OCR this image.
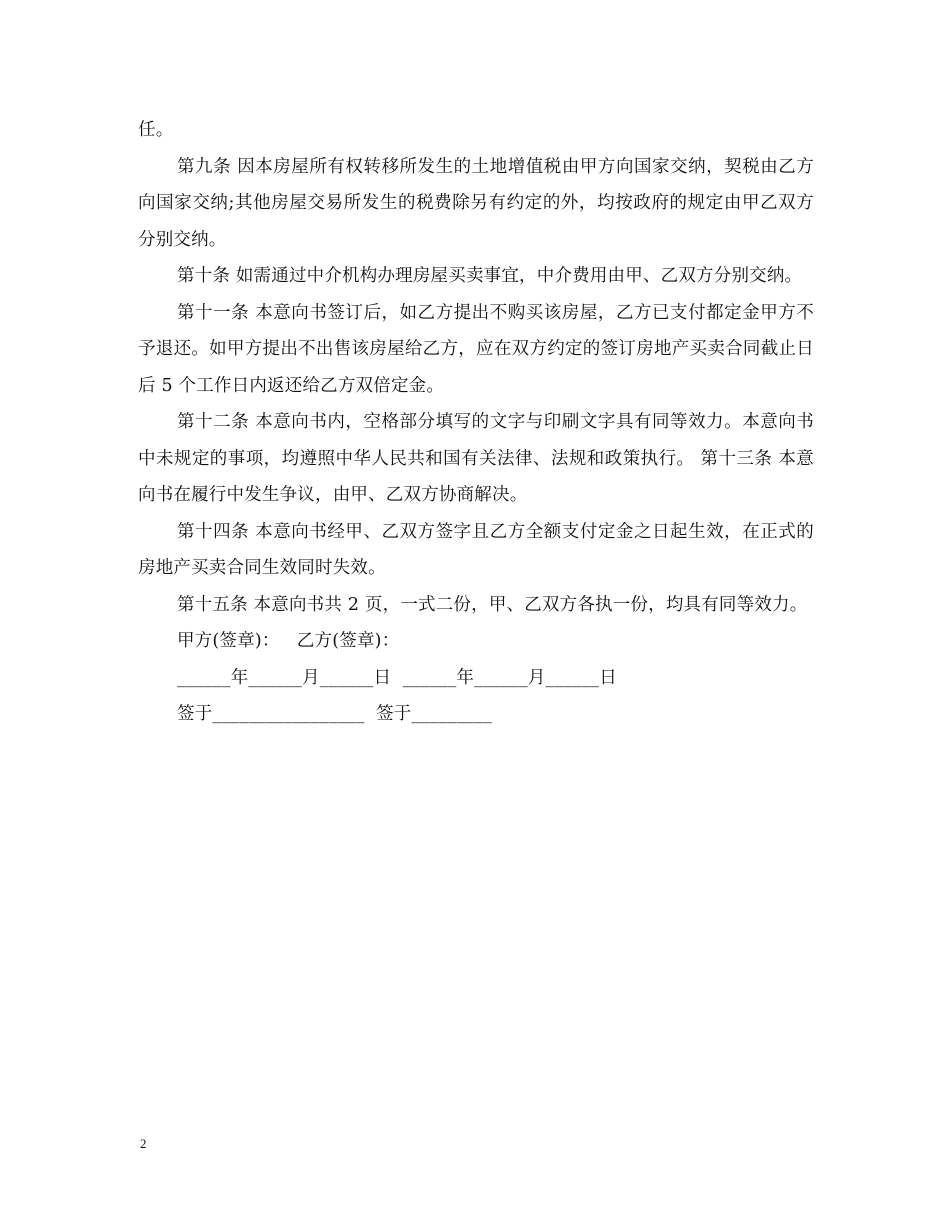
任。

第九条 因本房屋所有权转移所发生的土地增值税由甲方向国家交纳，契税由乙方向国家交纳;其他房屋交易所发生的税费除另有约定的外，均按政府的规定由甲乙双方分别交纳。

第十条 如需通过中介机构办理房屋买卖事宜，中介费用由甲、乙双方分别交纳。

第十一条 本意向书签订后，如乙方提出不购买该房屋，乙方已支付都定金甲方不予退还。如甲方提出不出售该房屋给乙方，应在双方约定的签订房地产买卖合同截止日后 5 个工作日内返还给乙方双倍定金。

第十二条 本意向书内，空格部分填写的文字与印刷文字具有同等效力。本意向书中未规定的事项，均遵照中华人民共和国有关法律、法规和政策执行。 第十三条 本意向书在履行中发生争议，由甲、乙双方协商解决。

第十四条 本意向书经甲、乙双方签字且乙方全额支付定金之日起生效，在正式的房地产买卖合同生效同时失效。

第十五条 本意向书共 2 页，一式二份，甲、乙双方各执一份，均具有同等效力。

甲方(签章)：   乙方(签章)：

______年______月______日  ______年______月______日

签于_________________  签于_________

2
